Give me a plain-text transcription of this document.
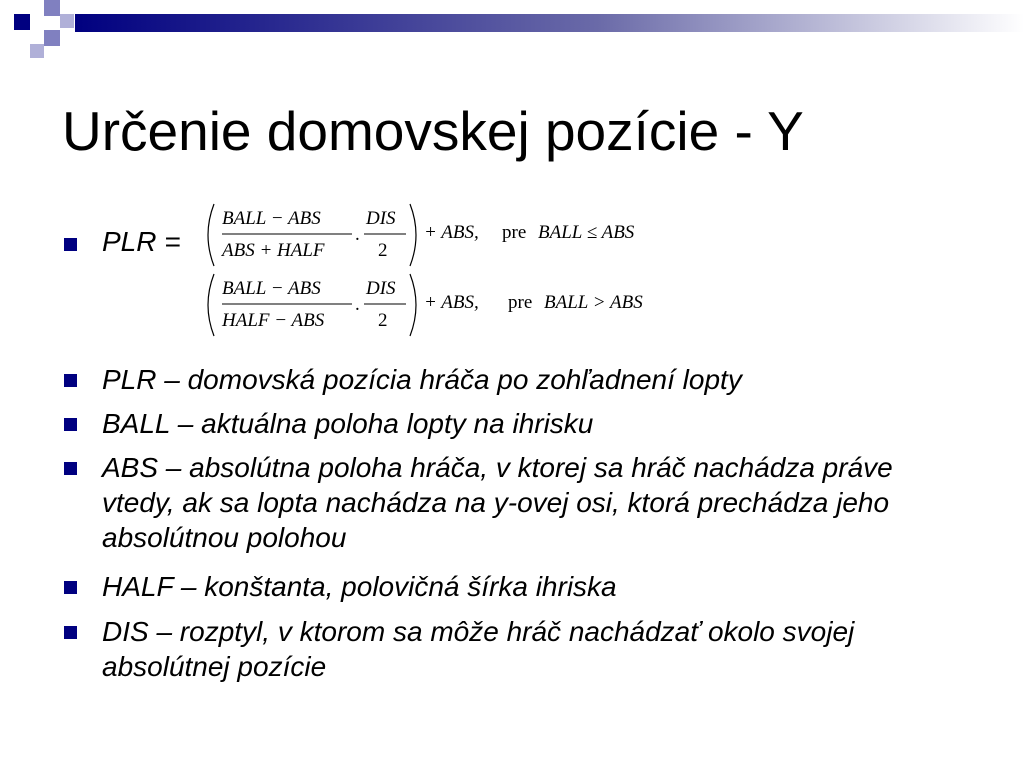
Určenie domovskej pozície - Y
PLR =
BALL − ABS
ABS + HALF
.
DIS
2
+ ABS, pre BALL ≤ ABS
BALL − ABS
HALF − ABS
.
DIS
2
+ ABS, pre BALL > ABS
PLR – domovská pozícia hráča po zohľadnení lopty
BALL – aktuálna poloha lopty na ihrisku
ABS – absolútna poloha hráča, v ktorej sa hráč nachádza práve vtedy, ak sa lopta nachádza na y-ovej osi, ktorá prechádza jeho absolútnou polohou
HALF – konštanta, polovičná šírka ihriska
DIS – rozptyl, v ktorom sa môže hráč nachádzať okolo svojej absolútnej pozície
